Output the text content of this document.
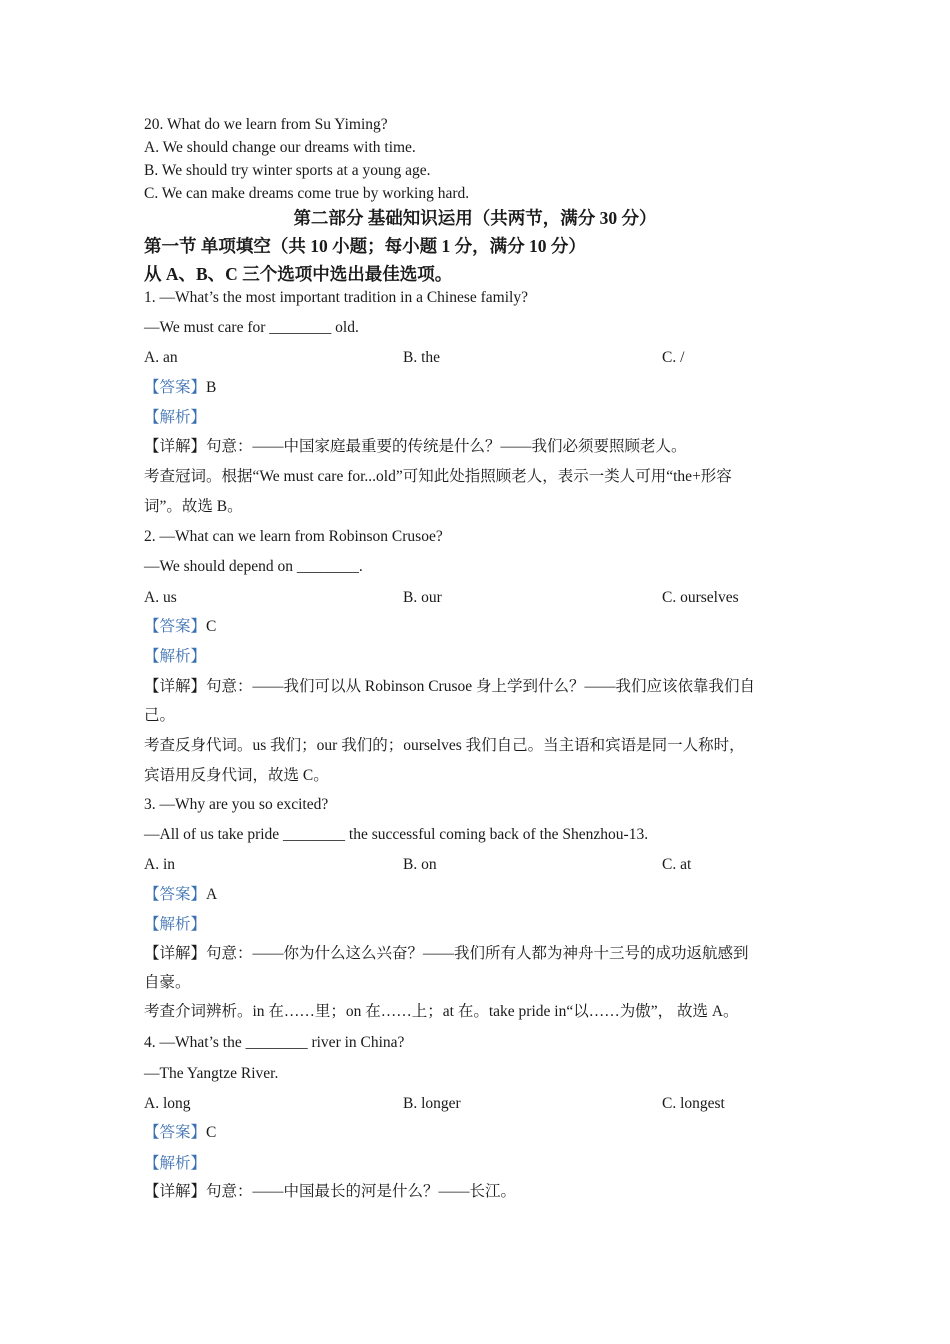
20. What do we learn from Su Yiming?
A. We should change our dreams with time.
B. We should try winter sports at a young age.
C. We can make dreams come true by working hard.
第二部分 基础知识运用（共两节，满分 30 分）
第一节 单项填空（共 10 小题；每小题 1 分，满分 10 分）
从 A、B、C 三个选项中选出最佳选项。
1. —What’s the most important tradition in a Chinese family?
—We must care for ________ old.
A. an	B. the	C. /
【答案】B
【解析】
【详解】句意：——中国家庭最重要的传统是什么？——我们必须要照顾老人。
考查冠词。根据“We must care for...old”可知此处指照顾老人，表示一类人可用“the+形容
词”。故选 B。
2. —What can we learn from Robinson Crusoe?
—We should depend on ________.
A. us	B. our	C. ourselves
【答案】C
【解析】
【详解】句意：——我们可以从 Robinson Crusoe 身上学到什么？——我们应该依靠我们自
己。
考查反身代词。us 我们；our 我们的；ourselves 我们自己。当主语和宾语是同一人称时，
宾语用反身代词，故选 C。
3. —Why are you so excited?
—All of us take pride ________ the successful coming back of the Shenzhou-13.
A. in	B. on	C. at
【答案】A
【解析】
【详解】句意：——你为什么这么兴奋？——我们所有人都为神舟十三号的成功返航感到
自豪。
考查介词辨析。in 在……里；on 在……上；at 在。take pride in“以……为傲”， 故选 A。
4. —What’s the ________ river in China?
—The Yangtze River.
A. long	B. longer	C. longest
【答案】C
【解析】
【详解】句意：——中国最长的河是什么？——长江。
